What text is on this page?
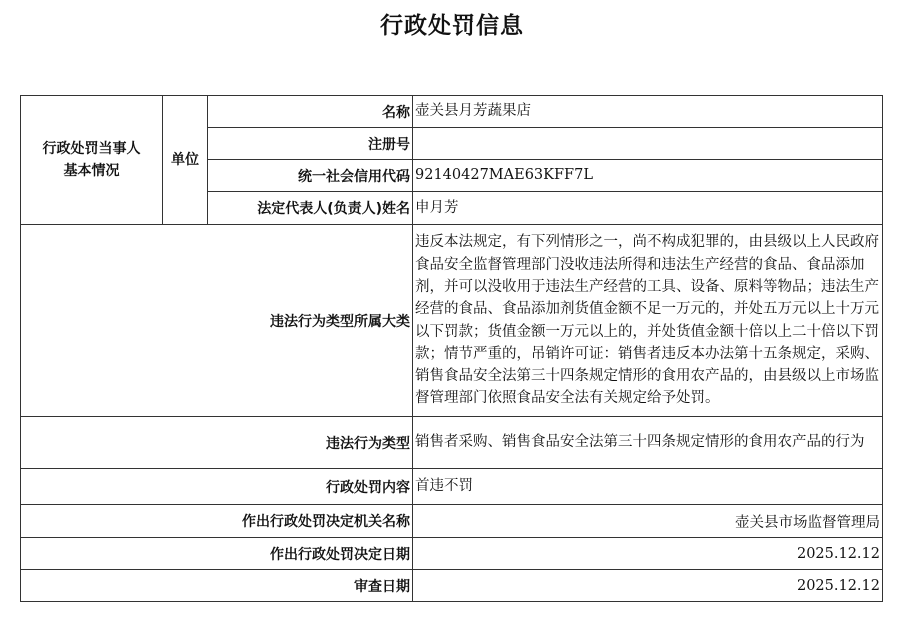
行政处罚信息
行政处罚当事人
基本情况	单位	名称	壶关县月芳蔬果店
		注册号	
		统一社会信用代码	92140427MAE63KFF7L
		法定代表人(负责人)姓名	申月芳
违法行为类型所属大类			违反本法规定，有下列情形之一，尚不构成犯罪的，由县级以上人民政府食品安全监督管理部门没收违法所得和违法生产经营的食品、食品添加剂，并可以没收用于违法生产经营的工具、设备、原料等物品；违法生产经营的食品、食品添加剂货值金额不足一万元的，并处五万元以上十万元以下罚款；货值金额一万元以上的，并处货值金额十倍以上二十倍以下罚款；情节严重的，吊销许可证：销售者违反本办法第十五条规定，采购、销售食品安全法第三十四条规定情形的食用农产品的，由县级以上市场监督管理部门依照食品安全法有关规定给予处罚。
违法行为类型			销售者采购、销售食品安全法第三十四条规定情形的食用农产品的行为
行政处罚内容			首违不罚
作出行政处罚决定机关名称			壶关县市场监督管理局
作出行政处罚决定日期			2025.12.12
审查日期			2025.12.12
